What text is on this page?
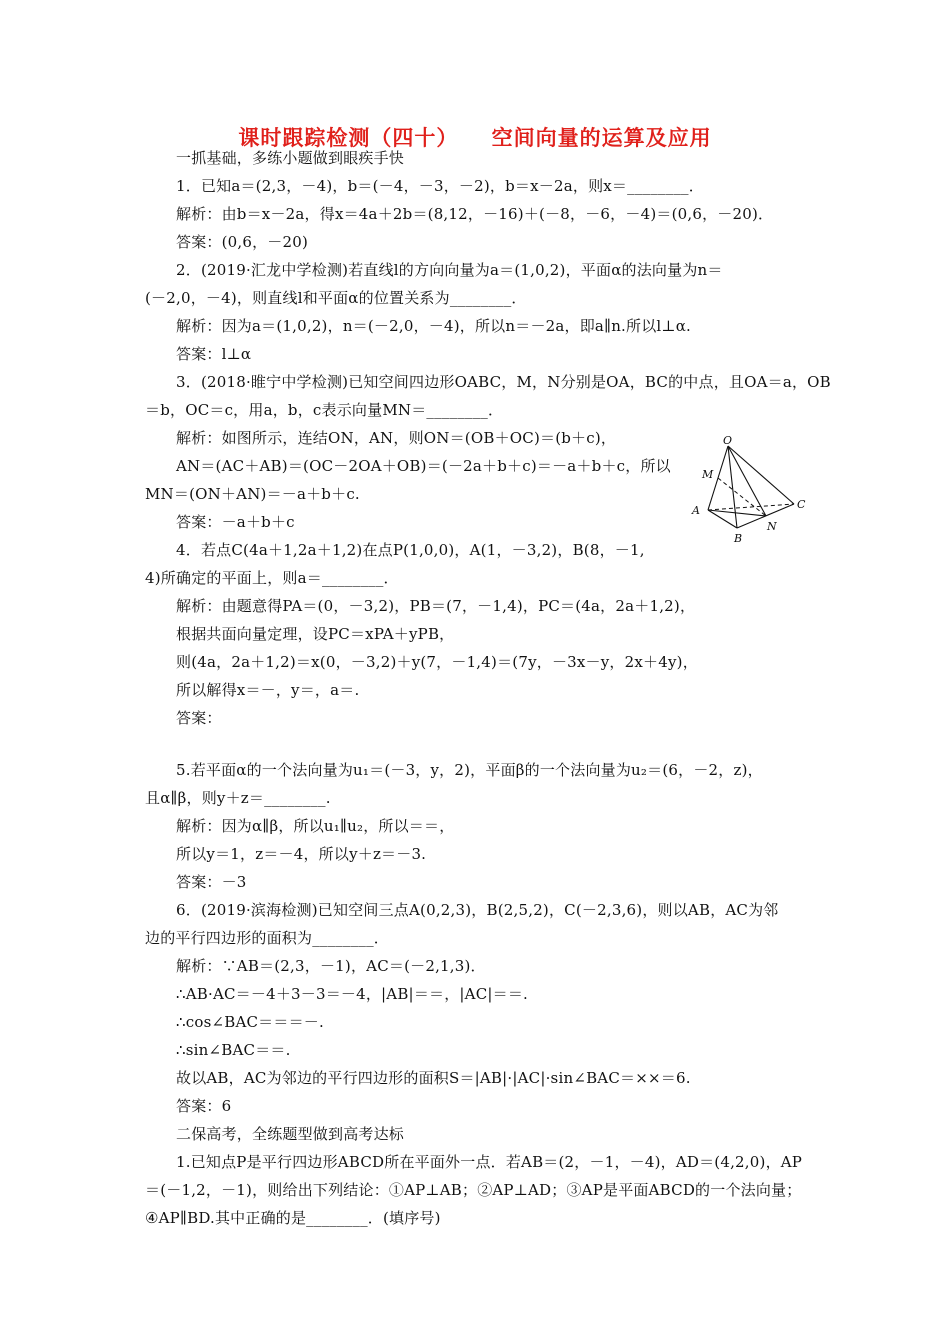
课时跟踪检测（四十）    空间向量的运算及应用
一抓基础，多练小题做到眼疾手快
1．已知a＝(2,3，－4)，b＝(－4，－3，－2)，b＝x－2a，则x＝________．
解析：由b＝x－2a，得x＝4a＋2b＝(8,12，－16)＋(－8，－6，－4)＝(0,6，－20)．
答案：(0,6，－20)
2．(2019·汇龙中学检测)若直线l的方向向量为a＝(1,0,2)，平面α的法向量为n＝
(－2,0，－4)，则直线l和平面α的位置关系为________．
解析：因为a＝(1,0,2)，n＝(－2,0，－4)，所以n＝－2a，即a∥n.所以l⊥α.
答案：l⊥α
3．(2018·睢宁中学检测)已知空间四边形OABC，M，N分别是OA，BC的中点，且OA＝a，OB
＝b，OC＝c，用a，b，c表示向量MN＝________．
解析：如图所示，连结ON，AN，则ON＝(OB＋OC)＝(b＋c)，
AN＝(AC＋AB)＝(OC－2OA＋OB)＝(－2a＋b＋c)＝－a＋b＋c，所以
MN＝(ON＋AN)＝－a＋b＋c.
答案：－a＋b＋c
4．若点C(4a＋1,2a＋1,2)在点P(1,0,0)，A(1，－3,2)，B(8，－1,
4)所确定的平面上，则a＝________．
解析：由题意得PA＝(0，－3,2)，PB＝(7，－1,4)，PC＝(4a，2a＋1,2)，
根据共面向量定理，设PC＝xPA＋yPB，
则(4a，2a＋1,2)＝x(0，－3,2)＋y(7，－1,4)＝(7y，－3x－y，2x＋4y)，
所以解得x＝－，y＝，a＝.
答案：
5.若平面α的一个法向量为u₁＝(－3，y，2)，平面β的一个法向量为u₂＝(6，－2，z)，
且α∥β，则y＋z＝________.
解析：因为α∥β，所以u₁∥u₂，所以＝＝，
所以y＝1，z＝－4，所以y＋z＝－3.
答案：－3
6．(2019·滨海检测)已知空间三点A(0,2,3)，B(2,5,2)，C(－2,3,6)，则以AB，AC为邻
边的平行四边形的面积为________．
解析：∵AB＝(2,3，－1)，AC＝(－2,1,3)．
∴AB·AC＝－4＋3－3＝－4，|AB|＝＝，|AC|＝＝.
∴cos∠BAC＝＝＝－.
∴sin∠BAC＝＝.
故以AB，AC为邻边的平行四边形的面积S＝|AB|·|AC|·sin∠BAC＝××＝6.
答案：6
二保高考，全练题型做到高考达标
1.已知点P是平行四边形ABCD所在平面外一点．若AB＝(2，－1，－4)，AD＝(4,2,0)，AP
＝(－1,2，－1)，则给出下列结论：①AP⊥AB；②AP⊥AD；③AP是平面ABCD的一个法向量；
④AP∥BD.其中正确的是________．(填序号)
O
M
A	C
N
B
